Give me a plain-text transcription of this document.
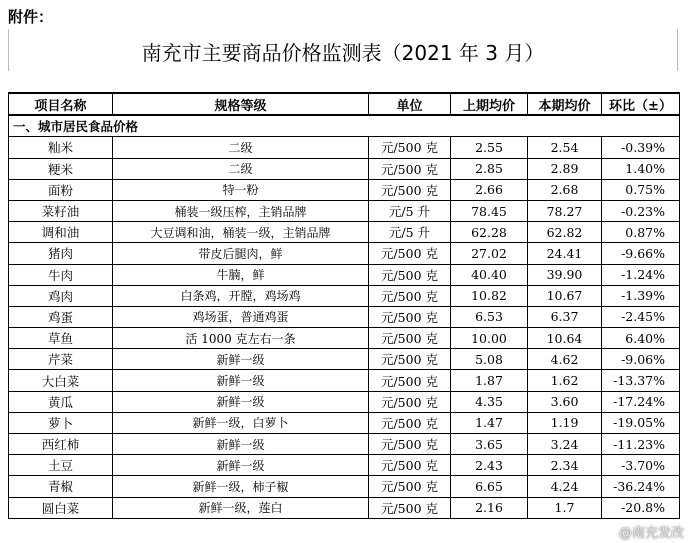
附件：
南充市主要商品价格监测表（2021 年 3 月）
项目名称	规格等级	单位	上期均价	本期均价	环比（±）
一、城市居民食品价格					
籼米	二级	元/500 克	2.55	2.54	-0.39%
粳米	二级	元/500 克	2.85	2.89	1.40%
面粉	特一粉	元/500 克	2.66	2.68	0.75%
菜籽油	桶装一级压榨，主销品牌	元/5 升	78.45	78.27	-0.23%
调和油	大豆调和油，桶装一级，主销品牌	元/5 升	62.28	62.82	0.87%
猪肉	带皮后腿肉，鲜	元/500 克	27.02	24.41	-9.66%
牛肉	牛腩，鲜	元/500 克	40.40	39.90	-1.24%
鸡肉	白条鸡，开膛，鸡场鸡	元/500 克	10.82	10.67	-1.39%
鸡蛋	鸡场蛋，普通鸡蛋	元/500 克	6.53	6.37	-2.45%
草鱼	活 1000 克左右一条	元/500 克	10.00	10.64	6.40%
芹菜	新鲜一级	元/500 克	5.08	4.62	-9.06%
大白菜	新鲜一级	元/500 克	1.87	1.62	-13.37%
黄瓜	新鲜一级	元/500 克	4.35	3.60	-17.24%
萝卜	新鲜一级，白萝卜	元/500 克	1.47	1.19	-19.05%
西红柿	新鲜一级	元/500 克	3.65	3.24	-11.23%
土豆	新鲜一级	元/500 克	2.43	2.34	-3.70%
青椒	新鲜一级，柿子椒	元/500 克	6.65	4.24	-36.24%
圆白菜	新鲜一级，莲白	元/500 克	2.16	1.7	-20.8%
@南充发改
